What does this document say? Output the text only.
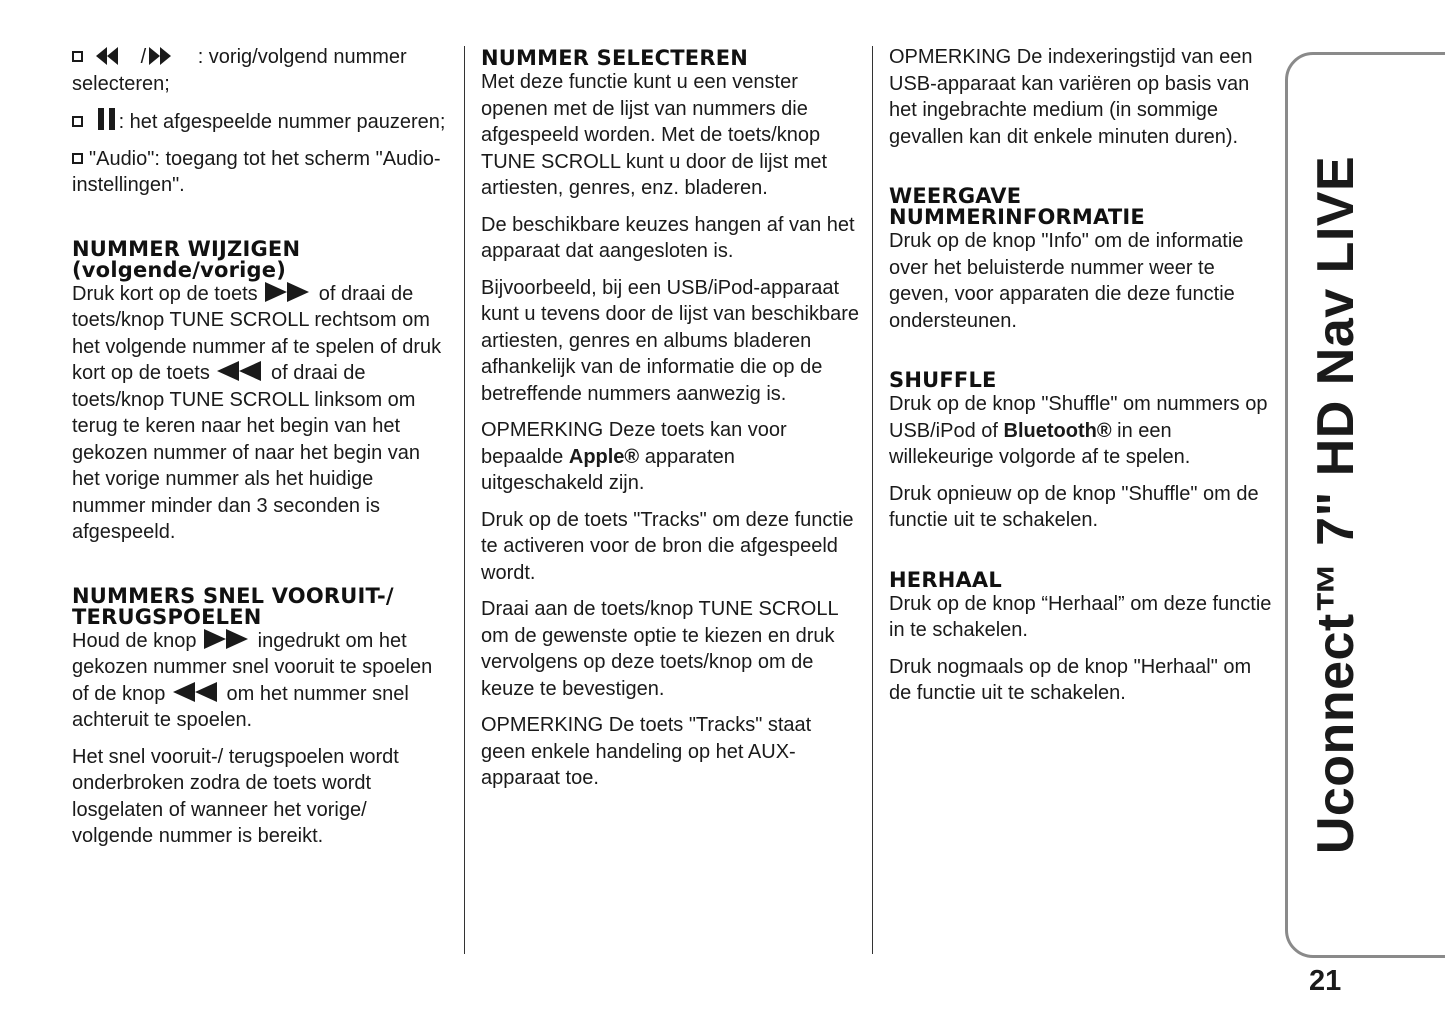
/	: vorig/volgend nummer selecteren;

: het afgespeelde nummer pauzeren;

"Audio": toegang tot het scherm "Audio-instellingen".

NUMMER WIJZIGEN (volgende/vorige)

Druk kort op de toets	of draai de toets/knop TUNE SCROLL rechtsom om het volgende nummer af te spelen of druk kort op de toets	of draai de toets/knop TUNE SCROLL linksom om terug te keren naar het begin van het gekozen nummer of naar het begin van het vorige nummer als het huidige nummer minder dan 3 seconden is afgespeeld.

NUMMERS SNEL VOORUIT-/ TERUGSPOELEN

Houd de knop	ingedrukt om het gekozen nummer snel vooruit te spoelen of de knop	om het nummer snel achteruit te spoelen.

Het snel vooruit-/ terugspoelen wordt onderbroken zodra de toets wordt losgelaten of wanneer het vorige/ volgende nummer is bereikt.

NUMMER SELECTEREN

Met deze functie kunt u een venster openen met de lijst van nummers die afgespeeld worden. Met de toets/knop TUNE SCROLL kunt u door de lijst met artiesten, genres, enz. bladeren.

De beschikbare keuzes hangen af van het apparaat dat aangesloten is.

Bijvoorbeeld, bij een USB/iPod-apparaat kunt u tevens door de lijst van beschikbare artiesten, genres en albums bladeren afhankelijk van de informatie die op de betreffende nummers aanwezig is.

OPMERKING Deze toets kan voor bepaalde Apple® apparaten uitgeschakeld zijn.

Druk op de toets "Tracks" om deze functie te activeren voor de bron die afgespeeld wordt.

Draai aan de toets/knop TUNE SCROLL om de gewenste optie te kiezen en druk vervolgens op deze toets/knop om de keuze te bevestigen.

OPMERKING De toets "Tracks" staat geen enkele handeling op het AUX-apparaat toe.

OPMERKING De indexeringstijd van een USB-apparaat kan variëren op basis van het ingebrachte medium (in sommige gevallen kan dit enkele minuten duren).

WEERGAVE NUMMERINFORMATIE

Druk op de knop "Info" om de informatie over het beluisterde nummer weer te geven, voor apparaten die deze functie ondersteunen.

SHUFFLE

Druk op de knop "Shuffle" om nummers op USB/iPod of Bluetooth® in een willekeurige volgorde af te spelen.

Druk opnieuw op de knop "Shuffle" om de functie uit te schakelen.

HERHAAL

Druk op de knop “Herhaal” om deze functie in te schakelen.

Druk nogmaals op de knop "Herhaal" om de functie uit te schakelen.	Uconnect™ 7" HD Nav LIVE
21
